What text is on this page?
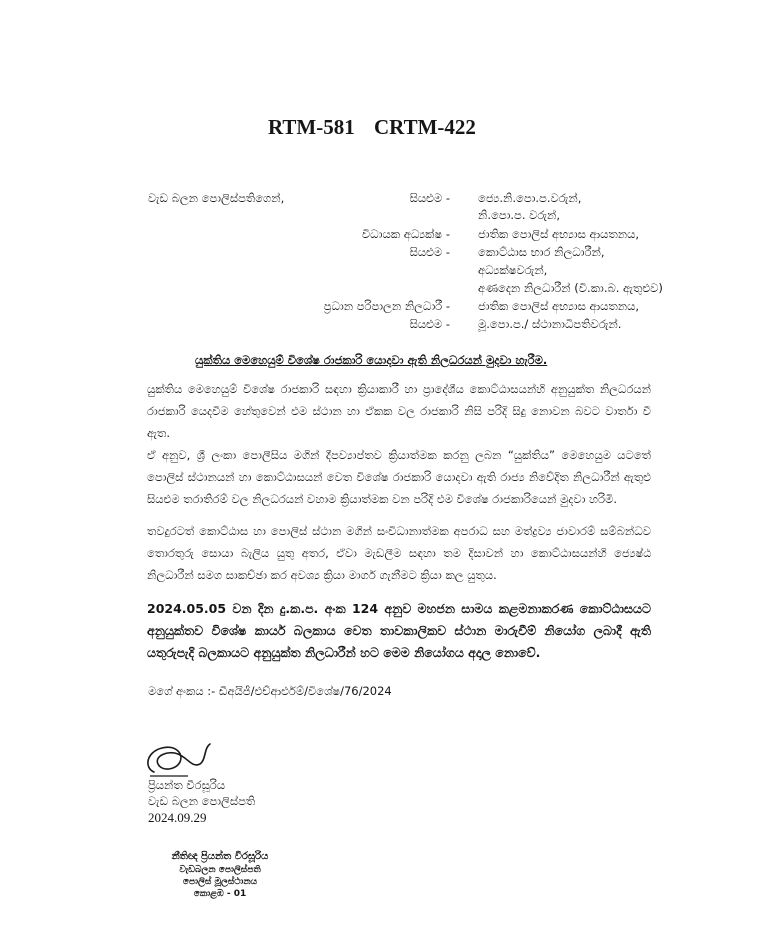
RTM-581 CRTM-422
වැඩ බලන පොලිස්පතිගෙන්,	සියළුම - ජ්‍යෙ.නි.පො.ප.වරුන්,
නි.පො.ප. වරුන්,
විධායක අධ්‍යක්ෂ - ජාතික පොලිස් අභ්‍යාස ආයතනය,
සියළුම - කොට්ඨාස භාර නිලධාරීන්,
අධ්‍යක්ෂවරුන්,
අණදෙන නිලධාරීන් (වි.කා.බ. ඇතුළුව)
ප්‍රධාන පරිපාලන නිලධාරී - ජාතික පොලිස් අභ්‍යාස ආයතනය,
සියළුම - මූ.පො.ප./ ස්ථානාධිපතිවරුන්.
යුක්තිය මෙහෙයුම් විශේෂ රාජකාරි යොදවා ඇති නිලධරයන් මුදවා හැරීම.
යුක්තිය මෙහෙයුම් විශේෂ රාජකාරි සඳහා ක්‍රියාකාරී හා ප්‍රාදේශීය කොට්ඨාසයන්හි අනුයුක්ත නිලධරයන් රාජකාරි යෙදවීම හේතුවෙන් එම ස්ථාන හා ඒකක වල රාජකාරි නිසි පරිදි සිදු නොවන බවට වාර්තා වී ඇත.
ඒ අනුව, ශ්‍රී ලංකා පොලීසිය මගින් දීපව්‍යාප්තව ක්‍රියාත්මක කරනු ලබන “යුක්තිය” මෙහෙයුම යටතේ පොලිස් ස්ථානයන් හා කොට්ඨාසයන් වෙත විශේෂ රාජකාරි යොදවා ඇති රාජ්‍ය නිවේදිත නිලධාරීන් ඇතුළු සියළුම තරාතිරම් වල නිලධරයන් වහාම ක්‍රියාත්මක වන පරිදි එම විශේෂ රාජකාරියෙන් මුදවා හරිමි.
තවදුරටත් කොට්ඨාස හා පොලිස් ස්ථාන මගින් සංවිධානාත්මක අපරාධ සහ මත්ද්‍රව්‍ය ජාවාරම් සම්බන්ධව තොරතුරු සොයා බැලිය යුතු අතර, ඒවා මැඩලීම සඳහා තම දිසාවන් හා කොට්ඨාසයන්හි ජ්‍යෙෂ්ඨ නිලධාරීන් සමග සාකච්ඡා කර අවශ්‍ය ක්‍රියා මාර්ග ගැනීමට ක්‍රියා කල යුතුය.
2024.05.05 වන දින දු.ක.ප. අංක 124 අනුව මහජන සාමය කළමනාකරණ කොට්ඨාසයට අනුයුක්තව විශේෂ කාර්ය බලකාය වෙත තාවකාලිකව ස්ථාන මාරුවීම් නියෝග ලබාදී ඇති යතුරුපැදි බලකායට අනුයුක්ත නිලධාරීන් හට මෙම නියෝගය අදාල නොවේ.
මගේ අංකය :- ඩීඅයිජී/එච්ආර්එම්/විශේෂ/76/2024
ප්‍රියන්ත වීරසූරිය
වැඩ බලන පොලිස්පති
2024.09.29
නීතිඥ ප්‍රියන්ත වීරසූරිය
වැඩබලන පොලිස්පති
පොලිස් මූලස්ථානය
කොළඹ - 01
